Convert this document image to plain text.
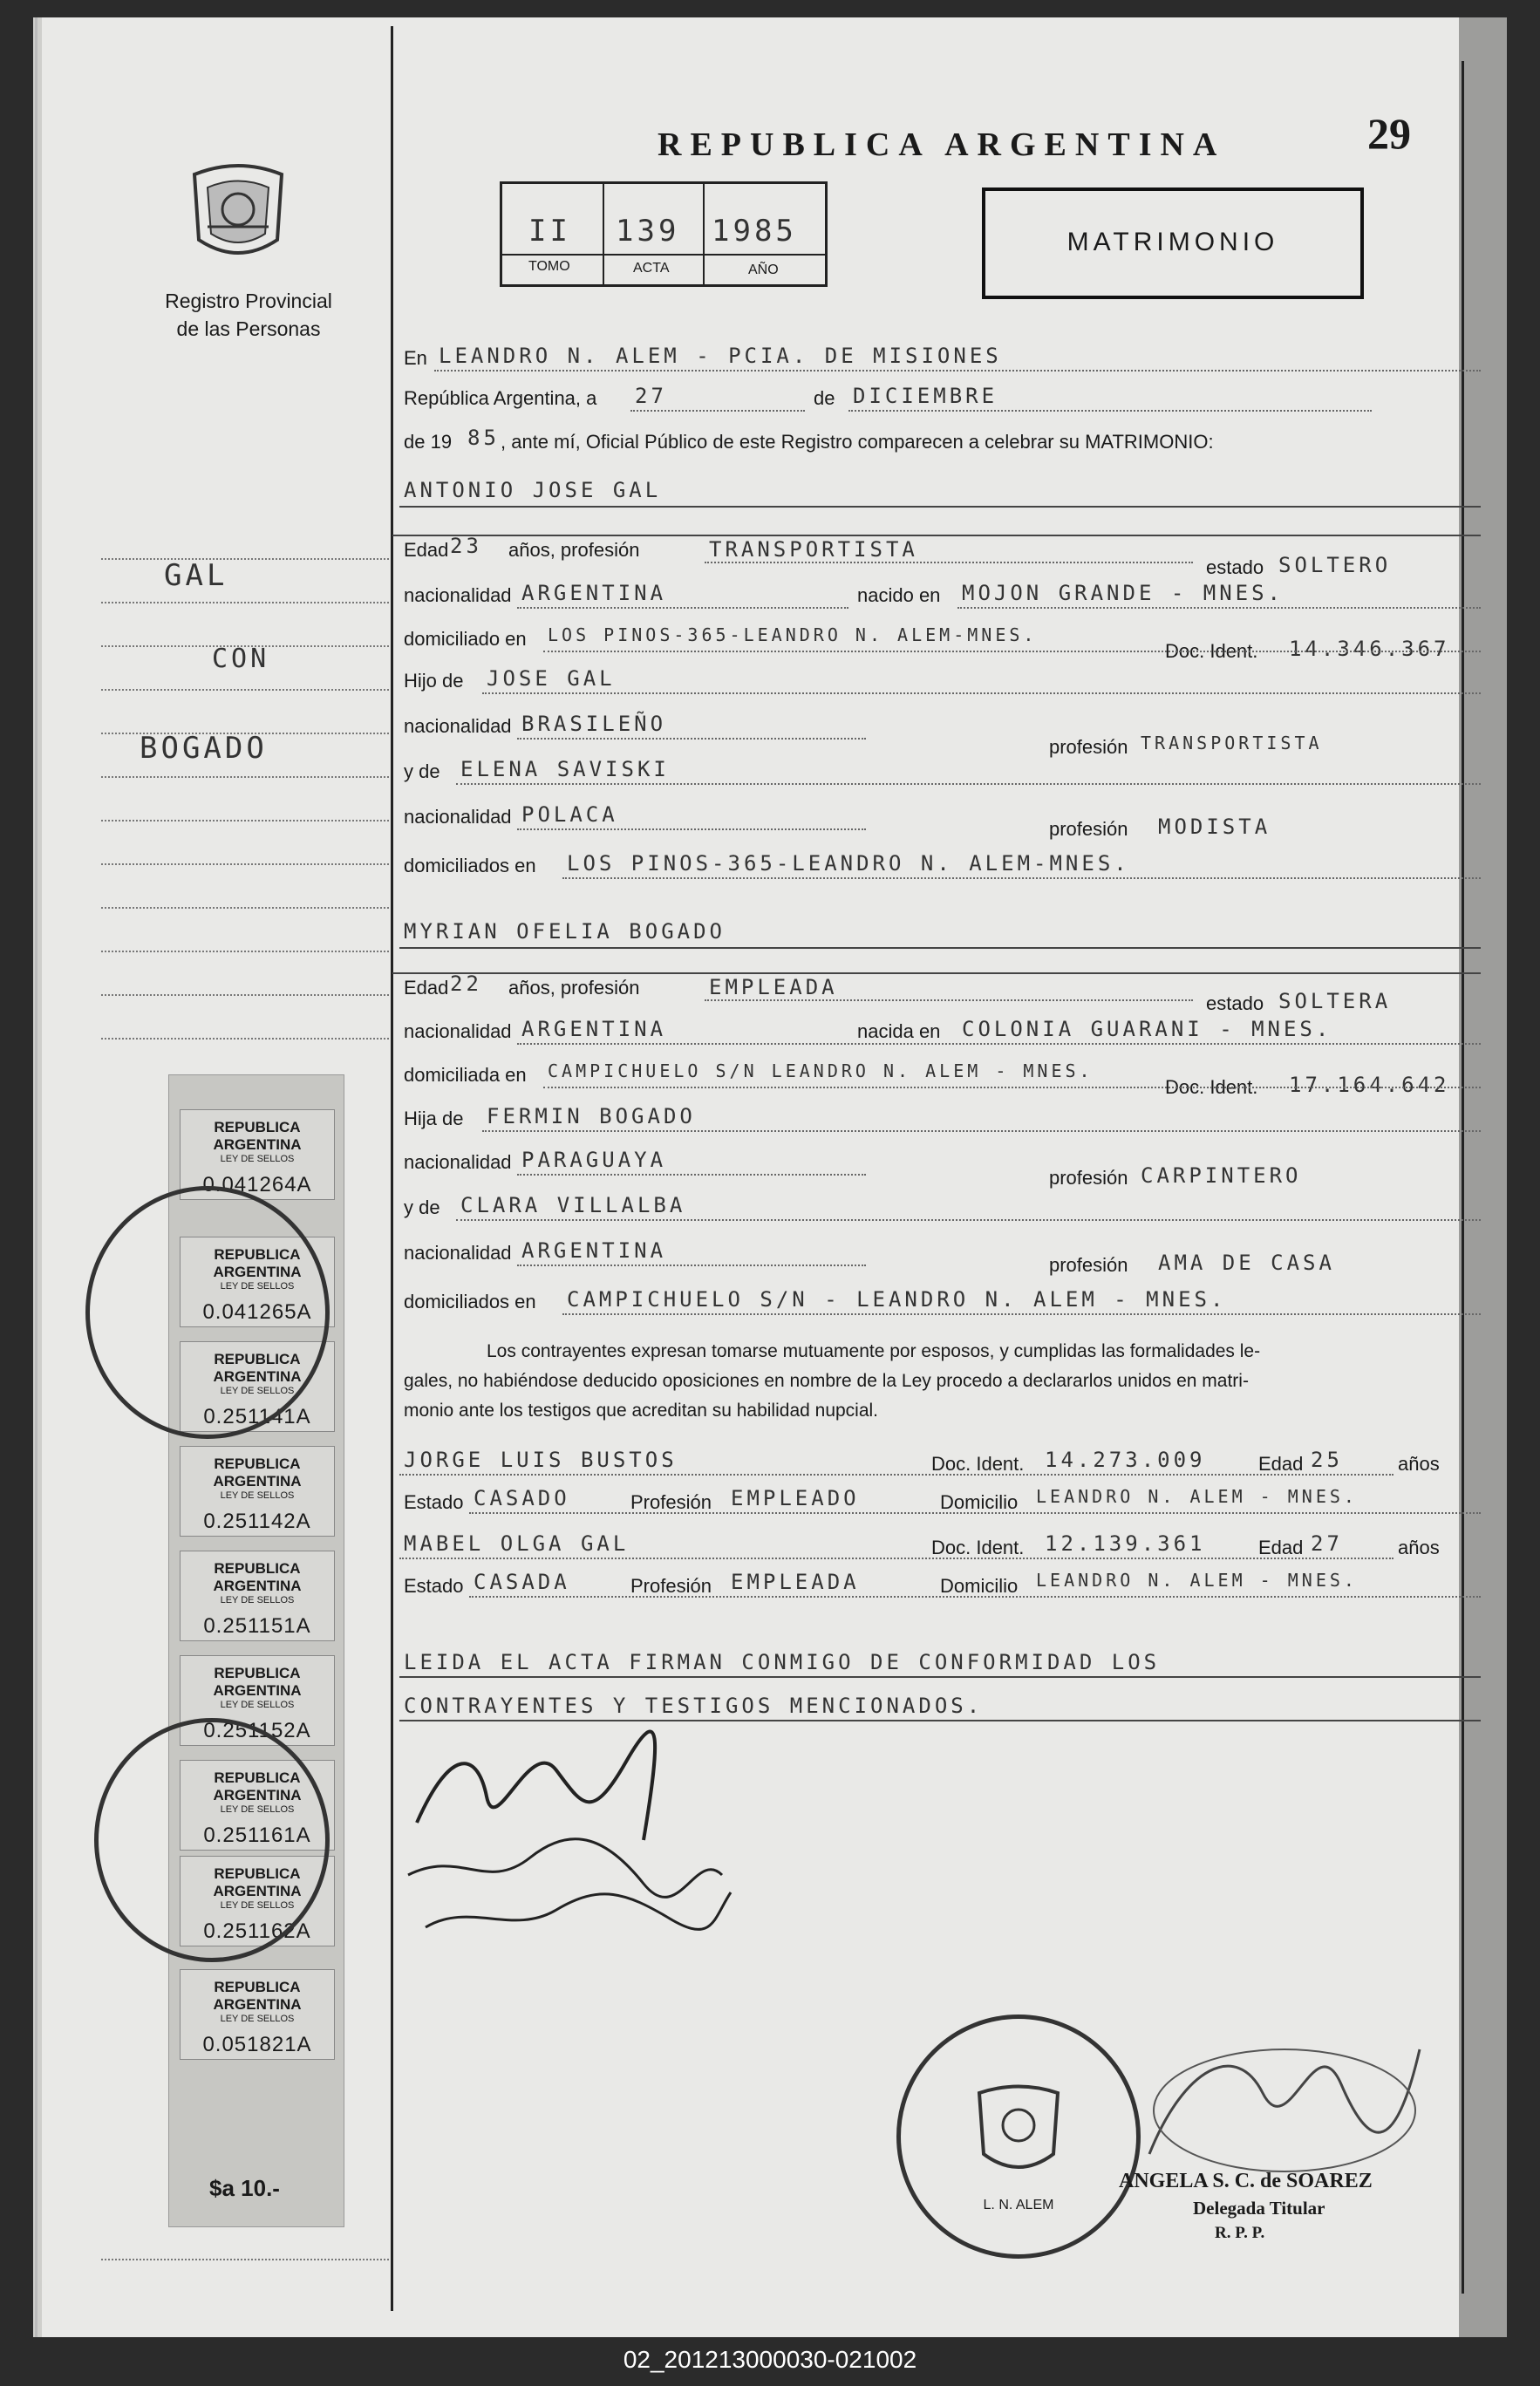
Registro Provincial
de las Personas
GAL
CON
BOGADO
REPUBLICA ARGENTINA	29
II 139 1985
TOMO	ACTA	AÑO
MATRIMONIO
En LEANDRO N. ALEM - PCIA. DE MISIONES
República Argentina, a 27	de DICIEMBRE
de 19 85 , ante mí, Oficial Público de este Registro comparecen a celebrar su MATRIMONIO:
ANTONIO JOSE GAL
Edad 23 años, profesión	TRANSPORTISTA
estado SOLTERO
nacionalidad ARGENTINA	nacido en MOJON GRANDE - MNES.
domiciliado en LOS PINOS-365-LEANDRO N. ALEM-MNES.
Doc. Ident. 14.346.367
Hijo de JOSE GAL
nacionalidad BRASILEÑO
profesión TRANSPORTISTA
y de ELENA SAVISKI
nacionalidad POLACA
profesión MODISTA
domiciliados en LOS PINOS-365-LEANDRO N. ALEM-MNES.
MYRIAN OFELIA BOGADO
Edad 22 años, profesión	EMPLEADA
estado SOLTERA
nacionalidad ARGENTINA	nacida en COLONIA GUARANI - MNES.
domiciliada en CAMPICHUELO S/N LEANDRO N. ALEM - MNES.
Doc. Ident. 17.164.642
Hija de FERMIN BOGADO
nacionalidad PARAGUAYA
profesión CARPINTERO
y de CLARA VILLALBA
nacionalidad ARGENTINA
profesión AMA DE CASA
domiciliados en CAMPICHUELO S/N - LEANDRO N. ALEM - MNES.
Los contrayentes expresan tomarse mutuamente por esposos, y cumplidas las formalidades le-
gales, no habiéndose deducido oposiciones en nombre de la Ley procedo a declararlos unidos en matri-
monio ante los testigos que acreditan su habilidad nupcial.
JORGE LUIS BUSTOS	Doc. Ident. 14.273.009	Edad 25	años
Estado CASADO	Profesión EMPLEADO	Domicilio LEANDRO N. ALEM - MNES.
MABEL OLGA GAL	Doc. Ident. 12.139.361	Edad 27	años
Estado CASADA	Profesión EMPLEADA	Domicilio LEANDRO N. ALEM - MNES.
LEIDA EL ACTA FIRMAN CONMIGO DE CONFORMIDAD LOS
CONTRAYENTES Y TESTIGOS MENCIONADOS.
REPUBLICA ARGENTINA
LEY DE SELLOS
0.041264A
REPUBLICA ARGENTINA
LEY DE SELLOS
0.041265A
REPUBLICA ARGENTINA
LEY DE SELLOS
0.251141A
REPUBLICA ARGENTINA
LEY DE SELLOS
0.251142A
REPUBLICA ARGENTINA
LEY DE SELLOS
0.251151A
REPUBLICA ARGENTINA
LEY DE SELLOS
0.251152A
REPUBLICA ARGENTINA
LEY DE SELLOS
0.251161A
REPUBLICA ARGENTINA
LEY DE SELLOS
0.251162A
REPUBLICA ARGENTINA
LEY DE SELLOS
0.051821A
$a 10.-
L. N. ALEM
ANGELA S. C. de SOAREZ
Delegada Titular
R. P. P.
02_201213000030-021002
